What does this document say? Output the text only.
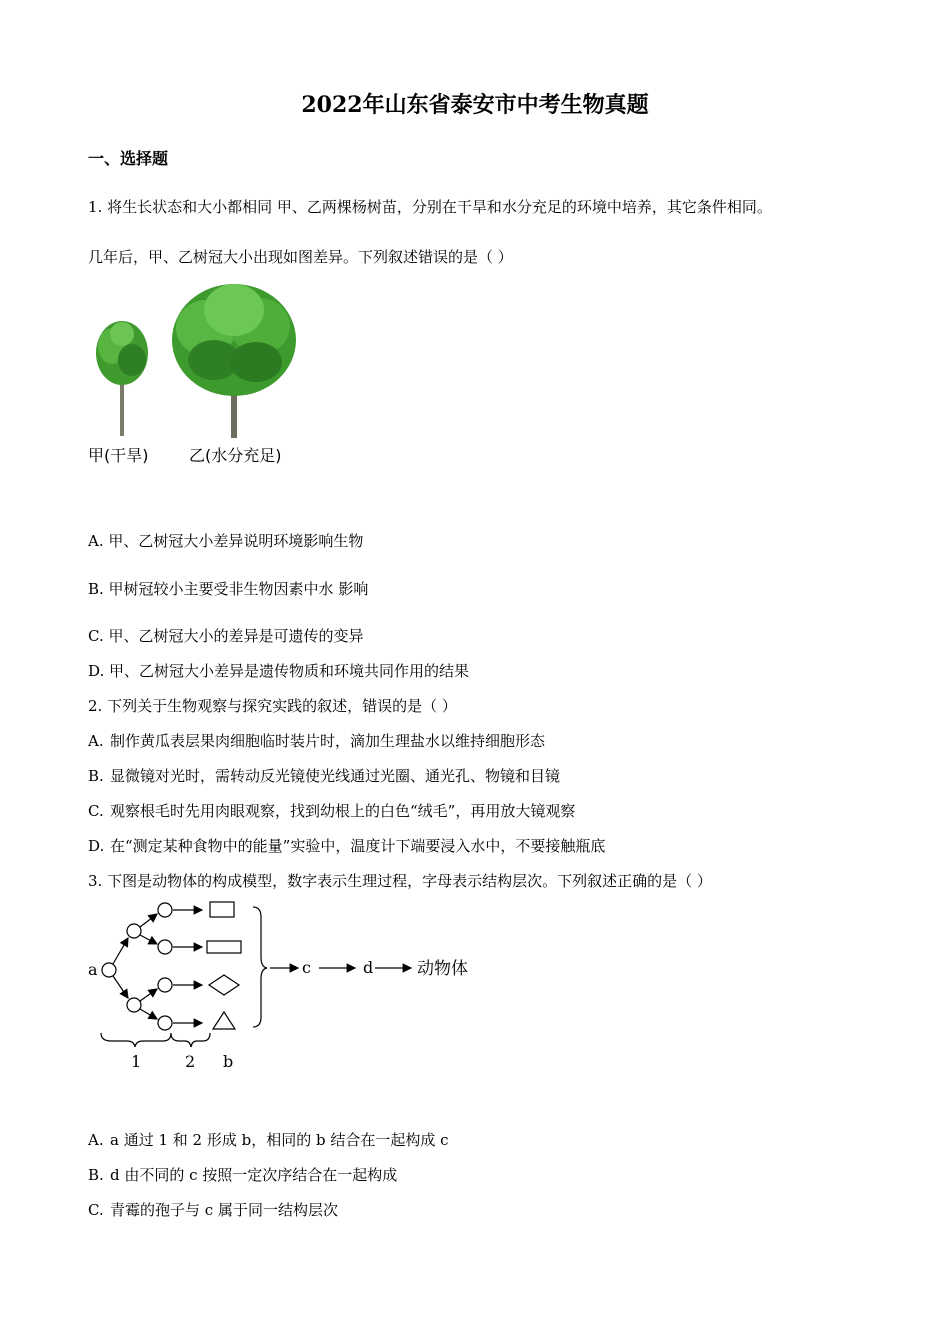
2022年山东省泰安市中考生物真题
一、选择题
1. 将生长状态和大小都相同 甲、乙两棵杨树苗，分别在干旱和水分充足的环境中培养，其它条件相同。
几年后，甲、乙树冠大小出现如图差异。下列叙述错误的是（ ）
甲(干旱)	乙(水分充足)
A. 甲、乙树冠大小差异说明环境影响生物
B. 甲树冠较小主要受非生物因素中水 影响
C. 甲、乙树冠大小的差异是可遗传的变异
D. 甲、乙树冠大小差异是遗传物质和环境共同作用的结果
2. 下列关于生物观察与探究实践的叙述，错误的是（ ）
A. 制作黄瓜表层果肉细胞临时装片时，滴加生理盐水以维持细胞形态
B. 显微镜对光时，需转动反光镜使光线通过光圈、通光孔、物镜和目镜
C. 观察根毛时先用肉眼观察，找到幼根上的白色“绒毛”，再用放大镜观察
D. 在“测定某种食物中的能量”实验中，温度计下端要浸入水中，不要接触瓶底
3. 下图是动物体的构成模型，数字表示生理过程，字母表示结构层次。下列叙述正确的是（ ）
a	c	d	动物体
1	2 b
A. a 通过 1 和 2 形成 b，相同的 b 结合在一起构成 c
B. d 由不同的 c 按照一定次序结合在一起构成
C. 青霉的孢子与 c 属于同一结构层次
